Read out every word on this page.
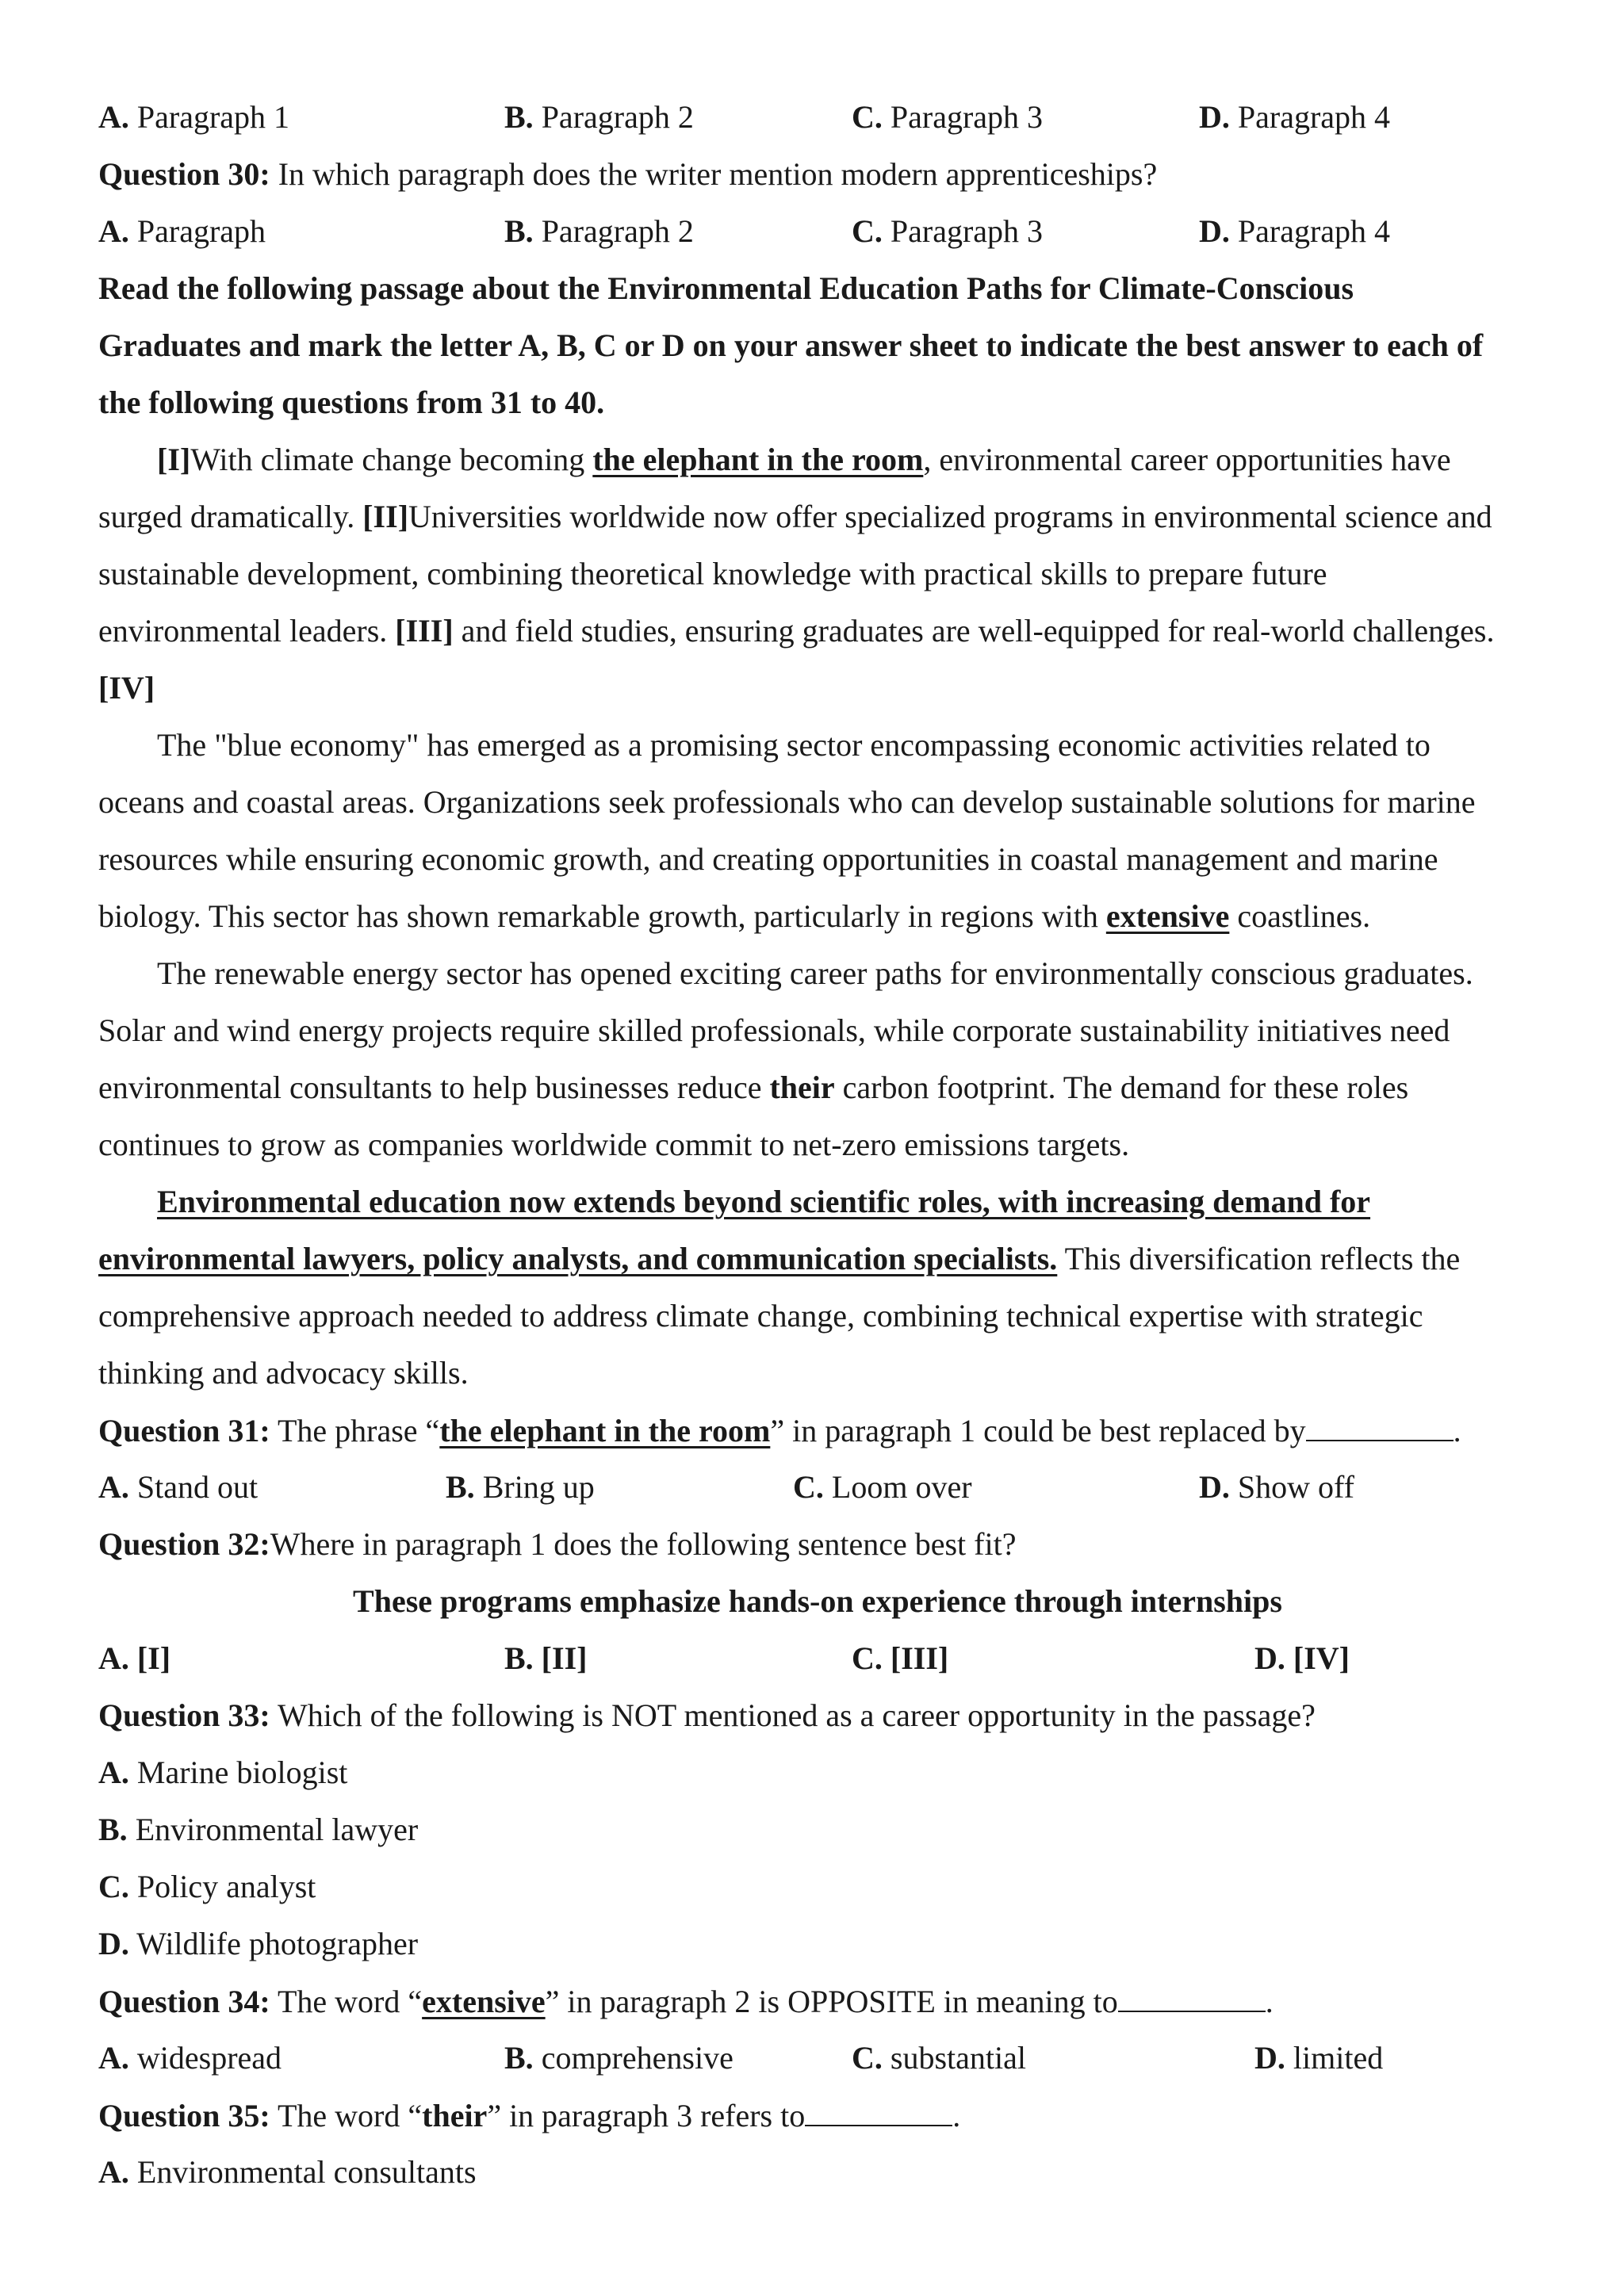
A. Paragraph 1	B. Paragraph 2	C. Paragraph 3	D. Paragraph 4
Question 30: In which paragraph does the writer mention modern apprenticeships?
A. Paragraph	B. Paragraph 2	C. Paragraph 3	D. Paragraph 4
Read the following passage about the Environmental Education Paths for Climate-Conscious
Graduates and mark the letter A, B, C or D on your answer sheet to indicate the best answer to each of
the following questions from 31 to 40.
[I]With climate change becoming the elephant in the room, environmental career opportunities have
surged dramatically. [II]Universities worldwide now offer specialized programs in environmental science and
sustainable development, combining theoretical knowledge with practical skills to prepare future
environmental leaders. [III] and field studies, ensuring graduates are well-equipped for real-world challenges.
[IV]
The "blue economy" has emerged as a promising sector encompassing economic activities related to
oceans and coastal areas. Organizations seek professionals who can develop sustainable solutions for marine
resources while ensuring economic growth, and creating opportunities in coastal management and marine
biology. This sector has shown remarkable growth, particularly in regions with extensive coastlines.
The renewable energy sector has opened exciting career paths for environmentally conscious graduates.
Solar and wind energy projects require skilled professionals, while corporate sustainability initiatives need
environmental consultants to help businesses reduce their carbon footprint. The demand for these roles
continues to grow as companies worldwide commit to net-zero emissions targets.
Environmental education now extends beyond scientific roles, with increasing demand for
environmental lawyers, policy analysts, and communication specialists. This diversification reflects the
comprehensive approach needed to address climate change, combining technical expertise with strategic
thinking and advocacy skills.
Question 31: The phrase “the elephant in the room” in paragraph 1 could be best replaced by	.
A. Stand out	B. Bring up	C. Loom over	D. Show off
Question 32:Where in paragraph 1 does the following sentence best fit?
These programs emphasize hands-on experience through internships
A. [I]	B. [II]	C. [III]	D. [IV]
Question 33: Which of the following is NOT mentioned as a career opportunity in the passage?
A. Marine biologist
B. Environmental lawyer
C. Policy analyst
D. Wildlife photographer
Question 34: The word “extensive” in paragraph 2 is OPPOSITE in meaning to	.
A. widespread	B. comprehensive	C. substantial	D. limited
Question 35: The word “their” in paragraph 3 refers to	.
A. Environmental consultants
